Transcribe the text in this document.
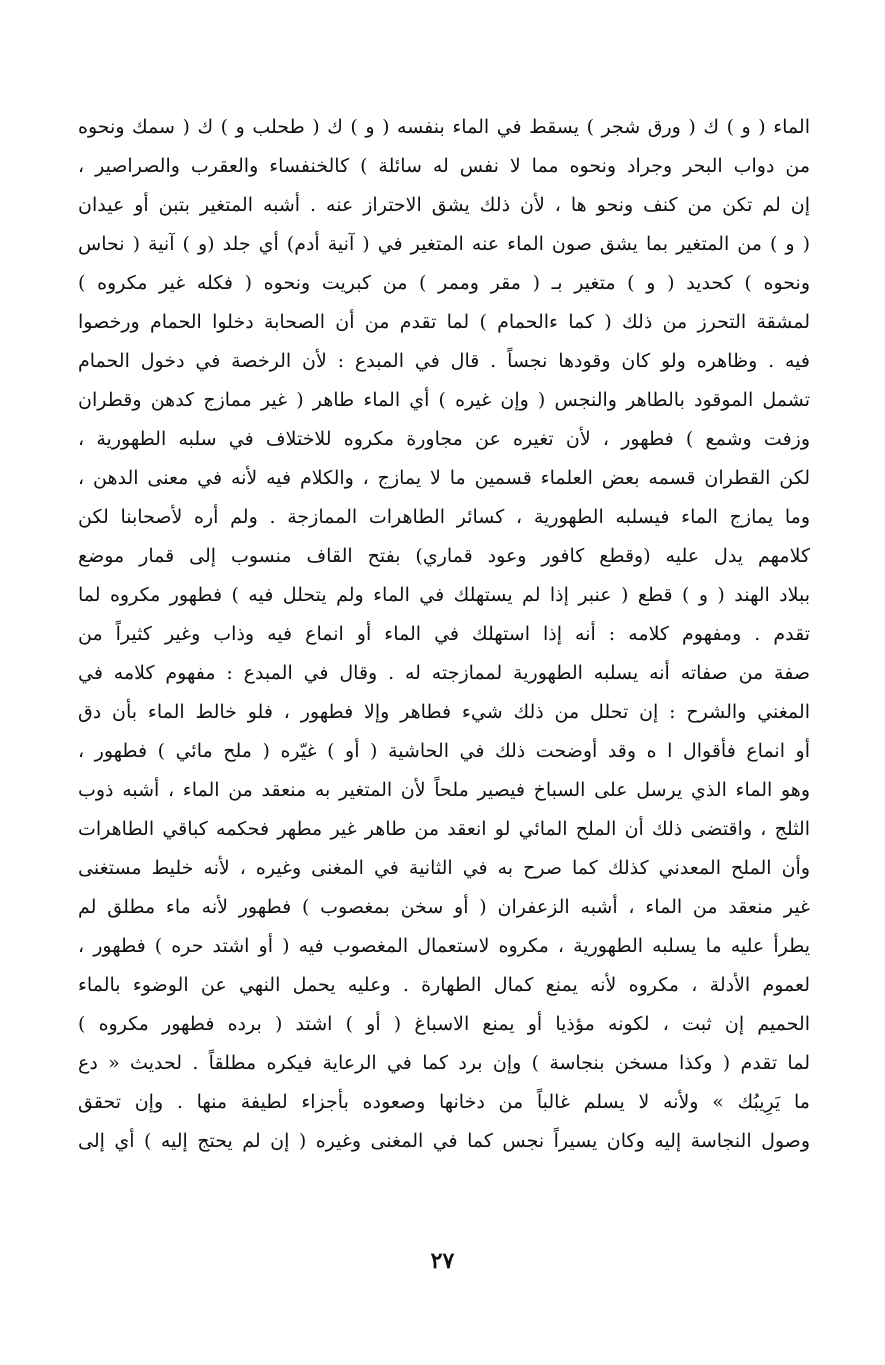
الماء ( و ) ك ( ورق شجر ) يسقط في الماء بنفسه ( و ) ك ( طحلب و ) ك ( سمك ونحوه
من دواب البحر وجراد ونحوه مما لا نفس له سائلة ) كالخنفساء والعقرب والصراصير ،
إن لم تكن من كنف ونحو ها ، لأن ذلك يشق الاحتراز عنه . أشبه المتغير بتبن أو عيدان
( و ) من المتغير بما يشق صون الماء عنه المتغير في ( آنية أدم) أي جلد (و ) آنية ( نحاس
ونحوه ) كحديد ( و ) متغير بـ ( مقر وممر ) من كبريت ونحوه ( فكله غير مكروه )
لمشقة التحرز من ذلك ( كما ءالحمام ) لما تقدم من أن الصحابة دخلوا الحمام ورخصوا
فيه . وظاهره ولو كان وقودها نجساً . قال في المبدع : لأن الرخصة في دخول الحمام
تشمل الموقود بالطاهر والنجس ( وإن غيره ) أي الماء طاهر ( غير ممازج كدهن وقطران
وزفت وشمع ) فطهور ، لأن تغيره عن مجاورة مكروه للاختلاف في سلبه الطهورية ،
لكن القطران قسمه بعض العلماء قسمين ما لا يمازج ، والكلام فيه لأنه في معنى الدهن ،
وما يمازج الماء فيسلبه الطهورية ، كسائر الطاهرات الممازجة . ولم أره لأصحابنا لكن
كلامهم يدل عليه (وقطع كافور وعود قماري) بفتح القاف منسوب إلى قمار موضع
ببلاد الهند ( و ) قطع ( عنبر إذا لم يستهلك في الماء ولم يتحلل فيه ) فطهور مكروه لما
تقدم . ومفهوم كلامه : أنه إذا استهلك في الماء أو انماع فيه وذاب وغير كثيراً من
صفة من صفاته أنه يسلبه الطهورية لممازجته له . وقال في المبدع : مفهوم كلامه في
المغني والشرح : إن تحلل من ذلك شيء فطاهر وإلا فطهور ، فلو خالط الماء بأن دق
أو انماع فأقوال ا ه وقد أوضحت ذلك في الحاشية ( أو ) غيّره ( ملح مائي ) فطهور ،
وهو الماء الذي يرسل على السباخ فيصير ملحاً لأن المتغير به منعقد من الماء ، أشبه ذوب
الثلج ، واقتضى ذلك أن الملح المائي لو انعقد من طاهر غير مطهر فحكمه كباقي الطاهرات
وأن الملح المعدني كذلك كما صرح به في الثانية في المغنى وغيره ، لأنه خليط مستغنى
غير منعقد من الماء ، أشبه الزعفران ( أو سخن بمغصوب ) فطهور لأنه ماء مطلق لم
يطرأ عليه ما يسلبه الطهورية ، مكروه لاستعمال المغصوب فيه ( أو اشتد حره ) فطهور ،
لعموم الأدلة ، مكروه لأنه يمنع كمال الطهارة . وعليه يحمل النهي عن الوضوء بالماء
الحميم إن ثبت ، لكونه مؤذيا أو يمنع الاسباغ ( أو ) اشتد ( برده فطهور مكروه )
لما تقدم ( وكذا مسخن بنجاسة ) وإن برد كما في الرعاية فيكره مطلقاً . لحديث « دع
ما يَرِيبُك » ولأنه لا يسلم غالباً من دخانها وصعوده بأجزاء لطيفة منها . وإن تحقق
وصول النجاسة إليه وكان يسيراً نجس كما في المغنى وغيره ( إن لم يحتج إليه ) أي إلى
٢٧
